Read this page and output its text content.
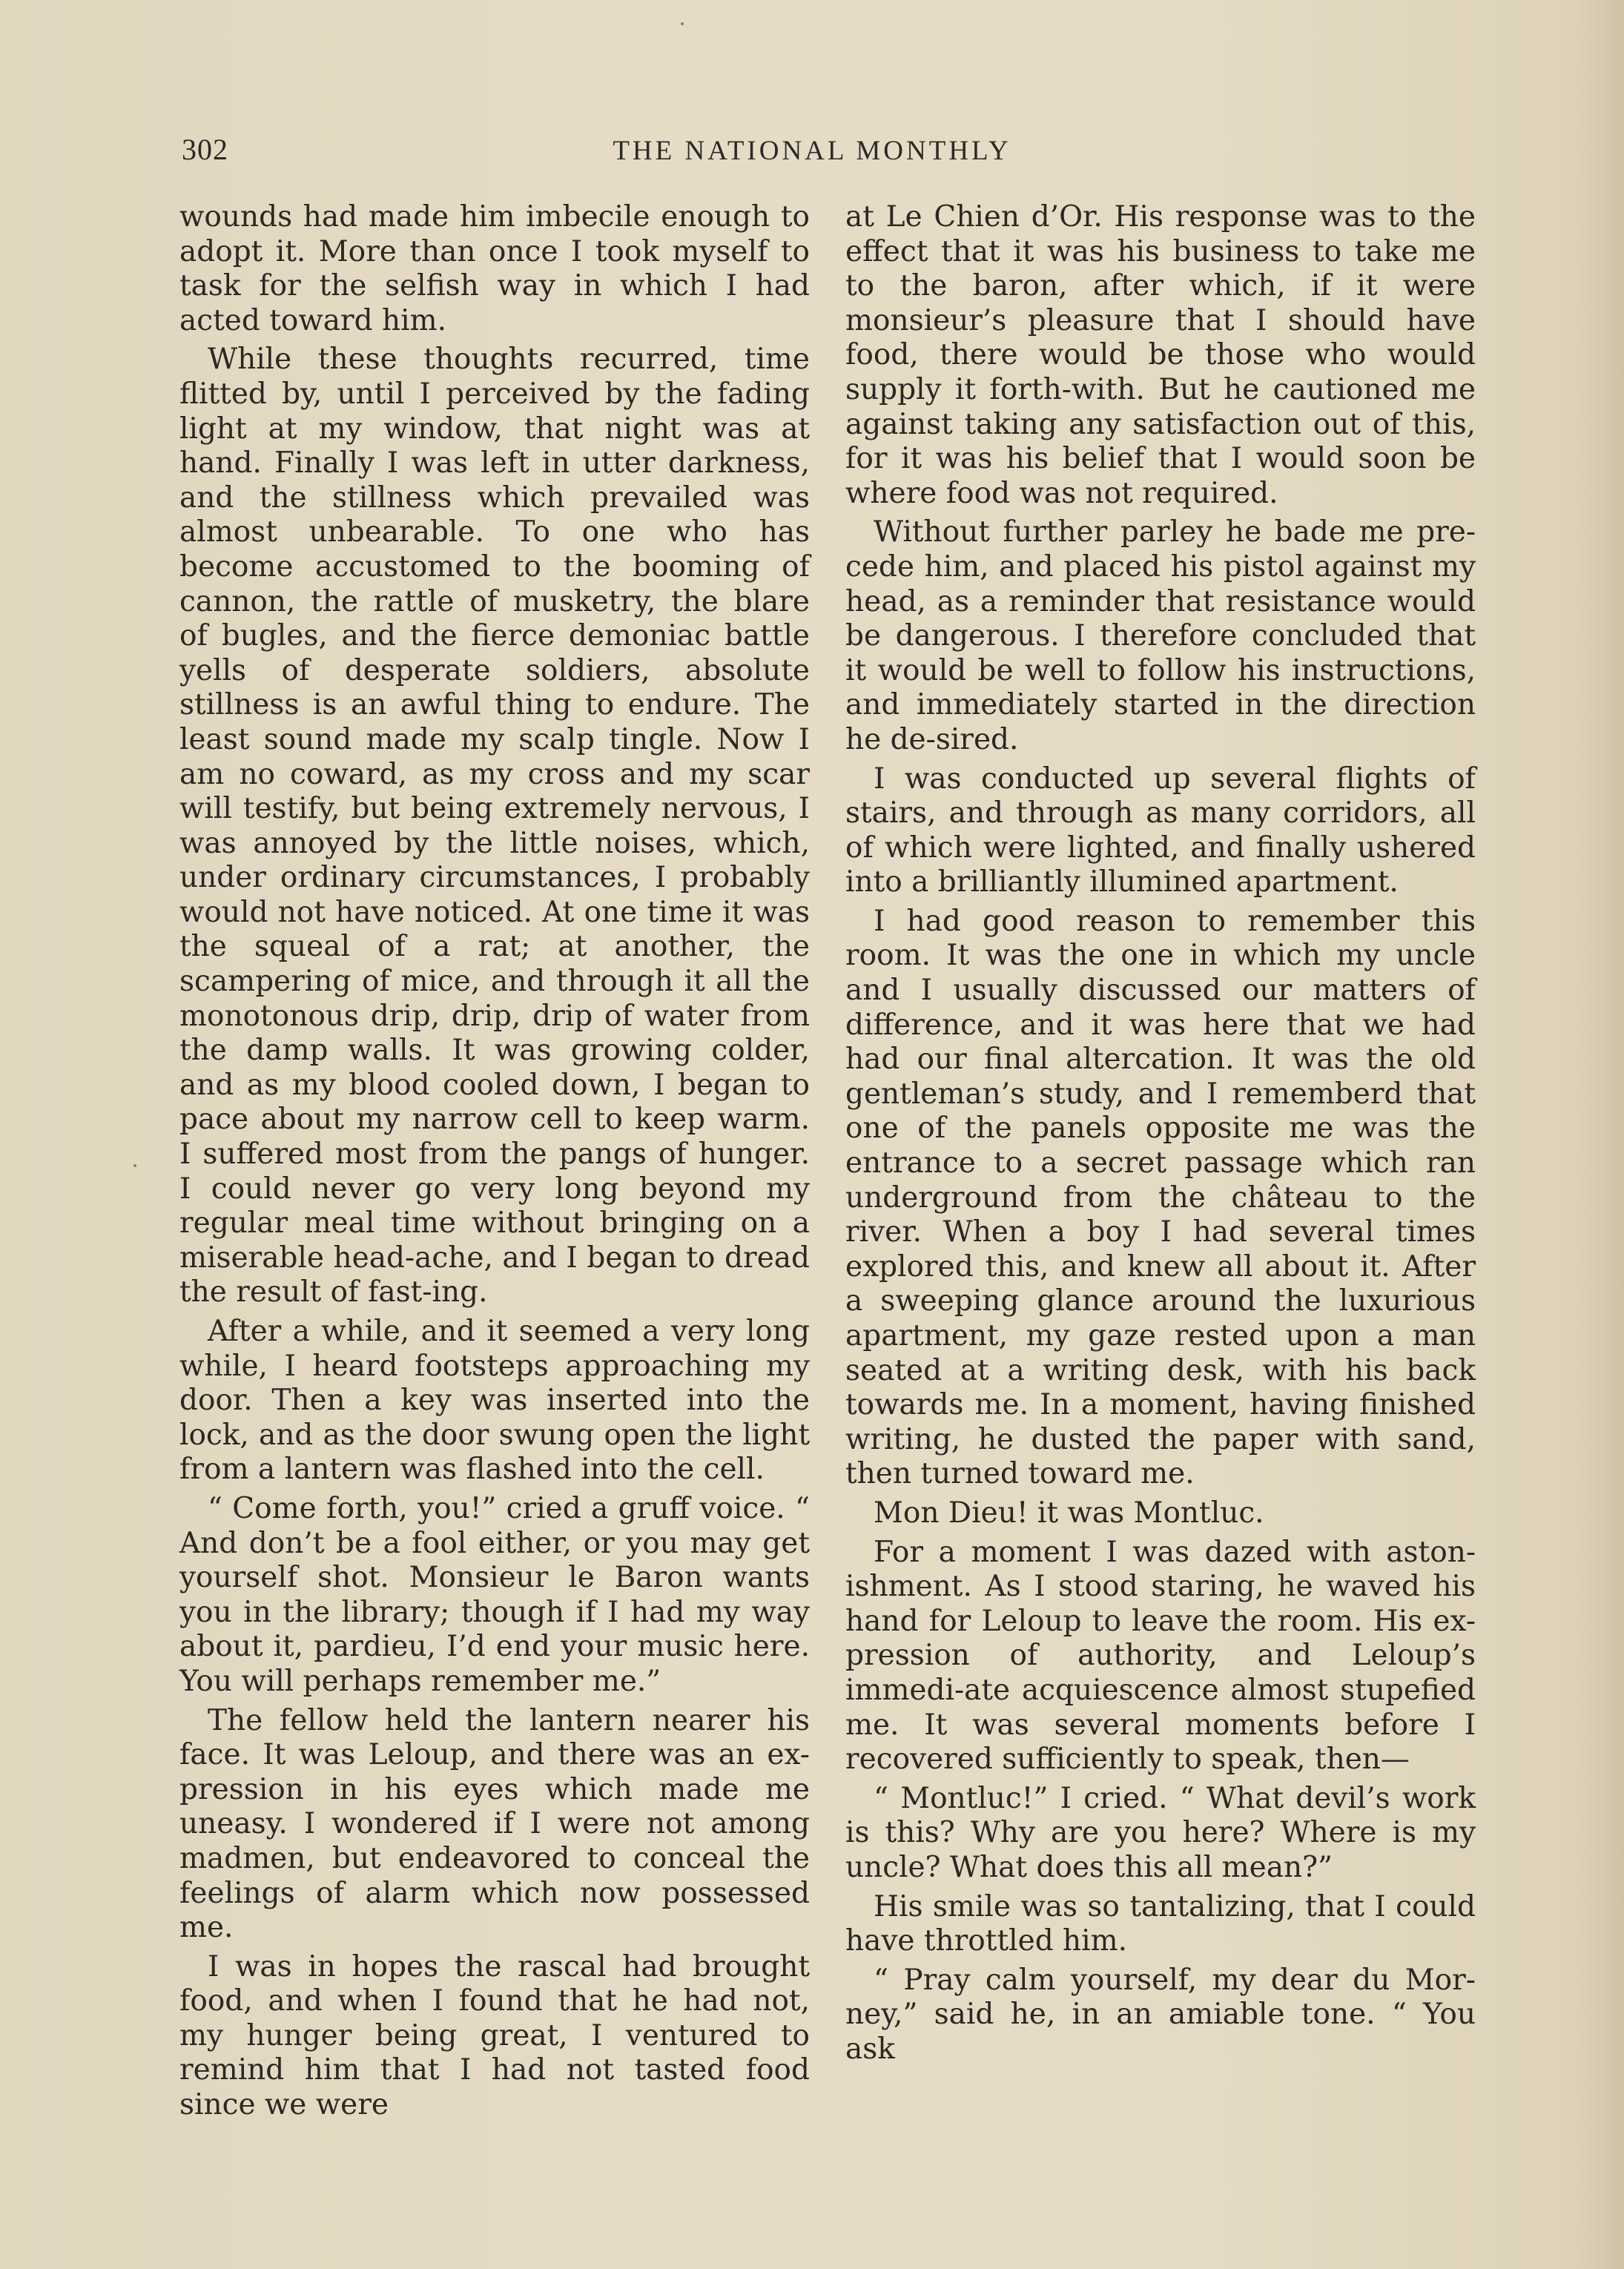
302	THE NATIONAL MONTHLY

wounds had made him imbecile enough to adopt it. More than once I took myself to task for the selfish way in which I had acted toward him.

While these thoughts recurred, time flitted by, until I perceived by the fading light at my window, that night was at hand. Finally I was left in utter darkness, and the stillness which prevailed was almost unbearable. To one who has become accustomed to the booming of cannon, the rattle of musketry, the blare of bugles, and the fierce demoniac battle yells of desperate soldiers, absolute stillness is an awful thing to endure. The least sound made my scalp tingle. Now I am no coward, as my cross and my scar will testify, but being extremely nervous, I was annoyed by the little noises, which, under ordinary circumstances, I probably would not have noticed. At one time it was the squeal of a rat; at another, the scampering of mice, and through it all the monotonous drip, drip, drip of water from the damp walls. It was growing colder, and as my blood cooled down, I began to pace about my narrow cell to keep warm. I suffered most from the pangs of hunger. I could never go very long beyond my regular meal time without bringing on a miserable head-ache, and I began to dread the result of fast-ing.

After a while, and it seemed a very long while, I heard footsteps approaching my door. Then a key was inserted into the lock, and as the door swung open the light from a lantern was flashed into the cell.

“ Come forth, you!” cried a gruff voice. “ And don’t be a fool either, or you may get yourself shot. Monsieur le Baron wants you in the library; though if I had my way about it, pardieu, I’d end your music here. You will perhaps remember me.”

The fellow held the lantern nearer his face. It was Leloup, and there was an ex-pression in his eyes which made me uneasy. I wondered if I were not among madmen, but endeavored to conceal the feelings of alarm which now possessed me.

I was in hopes the rascal had brought food, and when I found that he had not, my hunger being great, I ventured to remind him that I had not tasted food since we were

at Le Chien d’Or. His response was to the effect that it was his business to take me to the baron, after which, if it were monsieur’s pleasure that I should have food, there would be those who would supply it forth-with. But he cautioned me against taking any satisfaction out of this, for it was his belief that I would soon be where food was not required.

Without further parley he bade me pre-cede him, and placed his pistol against my head, as a reminder that resistance would be dangerous. I therefore concluded that it would be well to follow his instructions, and immediately started in the direction he de-sired.

I was conducted up several flights of stairs, and through as many corridors, all of which were lighted, and finally ushered into a brilliantly illumined apartment.

I had good reason to remember this room. It was the one in which my uncle and I usually discussed our matters of difference, and it was here that we had had our final altercation. It was the old gentleman’s study, and I rememberd that one of the panels opposite me was the entrance to a secret passage which ran underground from the château to the river. When a boy I had several times explored this, and knew all about it. After a sweeping glance around the luxurious apartment, my gaze rested upon a man seated at a writing desk, with his back towards me. In a moment, having finished writing, he dusted the paper with sand, then turned toward me.

Mon Dieu! it was Montluc.

For a moment I was dazed with aston-ishment. As I stood staring, he waved his hand for Leloup to leave the room. His ex-pression of authority, and Leloup’s immedi-ate acquiescence almost stupefied me. It was several moments before I recovered sufficiently to speak, then—

“ Montluc!” I cried. “ What devil’s work is this? Why are you here? Where is my uncle? What does this all mean?”

His smile was so tantalizing, that I could have throttled him.

“ Pray calm yourself, my dear du Mor-ney,” said he, in an amiable tone. “ You ask
